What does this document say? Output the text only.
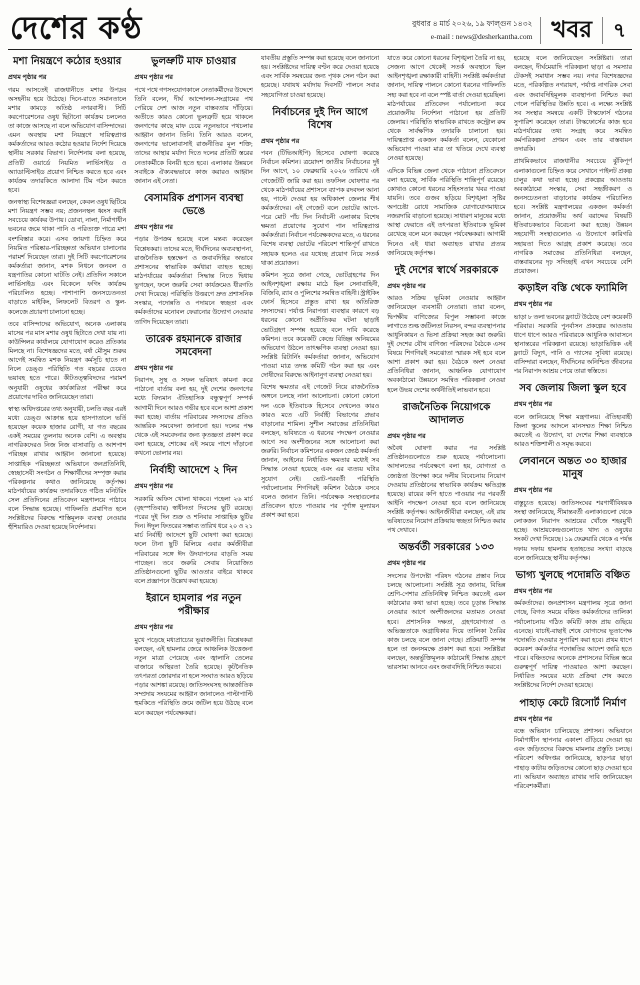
দেশের কণ্ঠ	বুধবার ৪ মার্চ ২০২৬, ১৯ ফাল্গুন ১৪৩২
e-mail : news@desherkantha.com খবর	৭
মশা নিয়ন্ত্রণে কঠোর হওয়ার
প্রথম পৃষ্ঠার পর

গরম আসতেই রাজধানীতে মশার উপদ্রব অসহনীয় হয়ে উঠেছে। দিনে-রাতে সমানতালে মশার কামড়ে অতিষ্ঠ নগরবাসী। সিটি করপোরেশনের ওষুধ ছিটানো কার্যক্রম চললেও তা কাজে আসছে না বলে অভিযোগ বাসিন্দাদের। এমন অবস্থায় মশা নিয়ন্ত্রণে দায়িত্বপ্রাপ্ত কর্মকর্তাদের আরও কঠোর হওয়ার নির্দেশ দিয়েছে স্থানীয় সরকার বিভাগ। নির্দেশনায় বলা হয়েছে, প্রতিটি ওয়ার্ডে নিয়মিত লার্ভিসাইড ও অ্যাডাল্টিসাইড প্রয়োগ নিশ্চিত করতে হবে এবং কার্যক্রম তদারকিতে আলাদা টিম গঠন করতে হবে।

জনস্বাস্থ্য বিশেষজ্ঞরা বলছেন, কেবল ওষুধ ছিটিয়ে মশা নিয়ন্ত্রণ সম্ভব নয়; প্রজননস্থল ধ্বংস করাই সবচেয়ে কার্যকর উপায়। ডোবা, নালা, নির্মাণাধীন ভবনের জমে থাকা পানি ও পরিত্যক্ত পাত্রে মশা বংশবিস্তার করে। এসব জায়গা চিহ্নিত করে নিয়মিত পরিষ্কার-পরিচ্ছন্নতা অভিযান চালানোর পরামর্শ দিয়েছেন তারা। দুই সিটি করপোরেশনের কর্মকর্তারা জানান, মশক নিধনে জনবল ও যন্ত্রপাতির কোনো ঘাটতি নেই। প্রতিদিন সকালে লার্ভিসাইড এবং বিকেলে ফগিং কার্যক্রম পরিচালিত হচ্ছে। পাশাপাশি জনসচেতনতা বাড়াতে মাইকিং, লিফলেট বিতরণ ও স্কুল-কলেজে প্রচারণা চালানো হচ্ছে।

তবে বাসিন্দাদের অভিযোগ, অনেক এলাকায় মাসের পর মাস মশার ওষুধ ছিটাতে দেখা যায় না। কাউন্সিলর কার্যালয়ে যোগাযোগ করেও প্রতিকার মিলছে না। বিশেষজ্ঞদের মতে, বর্ষা মৌসুম শুরুর আগেই সমন্বিত মশক নিয়ন্ত্রণ কর্মসূচি হাতে না নিলে ডেঙ্গু পরিস্থিতি গত বছরের চেয়েও ভয়াবহ হতে পারে। কীটতত্ত্ববিদদের পরামর্শ অনুযায়ী ওষুধের কার্যকারিতা পরীক্ষা করে প্রয়োগের দাবিও জানিয়েছেন তারা।

স্বাস্থ্য অধিদপ্তরের তথ্য অনুযায়ী, চলতি বছর এরই মধ্যে ডেঙ্গু আক্রান্ত হয়ে হাসপাতালে ভর্তি হয়েছেন কয়েক হাজার রোগী, যা গত বছরের একই সময়ের তুলনায় অনেক বেশি। এ অবস্থায় নাগরিকদেরও নিজ নিজ বাসাবাড়ি ও আশপাশ পরিচ্ছন্ন রাখার আহ্বান জানানো হয়েছে। সাপ্তাহিক পরিচ্ছন্নতা অভিযানে জনপ্রতিনিধি, স্বেচ্ছাসেবী সংগঠন ও শিক্ষার্থীদের সম্পৃক্ত করার পরিকল্পনার কথাও জানিয়েছে কর্তৃপক্ষ। মাঠপর্যায়ের কার্যক্রম তদারকিতে গঠিত মনিটরিং সেল প্রতিদিনের প্রতিবেদন মন্ত্রণালয়ে পাঠাবে বলে সিদ্ধান্ত হয়েছে। গাফিলতি প্রমাণিত হলে সংশ্লিষ্টদের বিরুদ্ধে শাস্তিমূলক ব্যবস্থা নেওয়ার হুঁশিয়ারিও দেওয়া হয়েছে নির্দেশনায়।

ভুলভ্রুটি মাফ চাওয়ার
প্রথম পৃষ্ঠার পর

পথে পথে গণসংযোগকালে নেতাকর্মীদের উদ্দেশে তিনি বলেন, দীর্ঘ আন্দোলন-সংগ্রামের পথ পেরিয়ে দেশ আজ নতুন বাস্তবতায় দাঁড়িয়ে। অতীতে কারও কোনো ভুলত্রুটি হয়ে থাকলে জনগণের কাছে মাফ চেয়ে নতুনভাবে পথচলার আহ্বান জানান তিনি। তিনি আরও বলেন, জনগণের ভালোবাসাই রাজনীতির মূল শক্তি; তাদের আস্থার মর্যাদা দিতে দলের প্রতিটি স্তরের নেতাকর্মীকে বিনয়ী হতে হবে। এলাকার উন্নয়নে সবাইকে ঐক্যবদ্ধভাবে কাজ করারও আহ্বান জানান এই নেতা।

বেসামরিক প্রশাসন ব্যবস্থা ভেঙে
প্রথম পৃষ্ঠার পর

পড়ার উপক্রম হয়েছে বলে মন্তব্য করেছেন বিশ্লেষকরা। তাদের মতে, দীর্ঘদিনের অব্যবস্থাপনা, রাজনৈতিক হস্তক্ষেপ ও জবাবদিহির অভাবে প্রশাসনের স্বাভাবিক কর্মধারা ব্যাহত হচ্ছে। মাঠপর্যায়ের কর্মকর্তারা সিদ্ধান্ত নিতে দ্বিধায় ভুগছেন, ফলে জরুরি সেবা কার্যক্রমেও ধীরগতি দেখা দিয়েছে। পরিস্থিতি উত্তরণে দ্রুত প্রশাসনিক সংস্কার, পদোন্নতি ও পদায়নে স্বচ্ছতা এবং কর্মকর্তাদের মনোবল ফেরানোর উদ্যোগ নেওয়ার তাগিদ দিয়েছেন তারা।

তারেক রহমানকে রাজার সমবেদনা
প্রথম পৃষ্ঠার পর

নিরাপদ, সুস্থ ও সফল ভবিষ্যৎ কামনা করে পাঠানো বার্তায় বলা হয়, দুই দেশের জনগণের মধ্যে বিদ্যমান ঐতিহাসিক বন্ধুত্বপূর্ণ সম্পর্ক আগামী দিনে আরও গভীর হবে বলে আশা প্রকাশ করা হচ্ছে। বার্তায় পরিবারের সদস্যদের প্রতিও আন্তরিক সমবেদনা জানানো হয়। দলের পক্ষ থেকে এই সমবেদনার জন্য কৃতজ্ঞতা প্রকাশ করে বলা হয়েছে, শোকের এই সময়ে পাশে দাঁড়ানো কখনো ভোলার নয়।

নির্বাহী আদেশে ২ দিন
প্রথম পৃষ্ঠার পর

সরকারি অফিস খোলা থাকবে। পহেলা ২৬ মার্চ (বৃহস্পতিবার) স্বাধীনতা দিবসের ছুটি রয়েছে। পরের দুই দিন শুক্র ও শনিবার সাপ্তাহিক ছুটির দিন। ঈদুল ফিতরের সম্ভাব্য তারিখ ধরে ২০ ও ২১ মার্চ নির্বাহী আদেশে ছুটি ঘোষণা করা হয়েছে। ফলে টানা ছুটি মিলিয়ে এবার কর্মজীবীরা পরিবারের সঙ্গে ঈদ উদযাপনের বাড়তি সময় পাচ্ছেন। তবে জরুরি সেবায় নিয়োজিত প্রতিষ্ঠানগুলো ছুটির আওতার বাইরে থাকবে বলে প্রজ্ঞাপনে উল্লেখ করা হয়েছে।

ইরানে হামলার পর নতুন পরীক্ষার
প্রথম পৃষ্ঠার পর

মুখে পড়েছে মধ্যপ্রাচ্যের ভূরাজনীতি। বিশ্লেষকরা বলছেন, এই হামলার জেরে আঞ্চলিক উত্তেজনা নতুন মাত্রা পেয়েছে এবং জ্বালানি তেলের বাজারে অস্থিরতা তৈরি হয়েছে। কূটনৈতিক তৎপরতা জোরদার না হলে সংঘাত আরও ছড়িয়ে পড়ার আশঙ্কা রয়েছে। জাতিসংঘসহ আন্তর্জাতিক সম্প্রদায় সংযমের আহ্বান জানালেও পাল্টাপাল্টি হুমকিতে পরিস্থিতি ক্রমে জটিল হয়ে উঠছে বলে মনে করছেন পর্যবেক্ষকরা।

যাবতীয় প্রস্তুতি সম্পন্ন করা হয়েছে বলে জানানো হয়। সংশ্লিষ্টদের দায়িত্ব বণ্টন করে দেওয়া হয়েছে এবং সার্বিক সমন্বয়ের জন্য পৃথক সেল গঠন করা হয়েছে। যথাযথ মর্যাদায় দিবসটি পালনে সবার সহযোগিতা চাওয়া হয়েছে।

নির্বাচনের দুই দিন আগে বিশেষ
প্রথম পৃষ্ঠার পর

পবন (টিভিআইপি) হিসেবে ঘোষণা করেছে নির্বাচন কমিশন। ত্রয়োদশ জাতীয় নির্বাচনের দুই দিন আগে, ১০ ফেব্রুয়ারি ২০২৬ তারিখে এই গেজেটটি জারি করা হয়। তফসিল ঘোষণার পর থেকে মাঠপর্যায়ের প্রশাসনে ব্যাপক রদবদল আনা হয়, পাল্টে দেওয়া হয় অধিকাংশ জেলার শীর্ষ কর্মকর্তাদের। এই গেজেট বলে ভোটের আগে-পরে মোট পাঁচ দিন নির্বাচনী এলাকায় বিশেষ ক্ষমতা প্রয়োগের সুযোগ পান দায়িত্বপ্রাপ্ত কর্মকর্তারা। নির্বাচন পর্যবেক্ষকদের মতে, এ ধরনের বিশেষ ব্যবস্থা ভোটের পরিবেশ শান্তিপূর্ণ রাখতে সহায়ক হলেও এর যথেচ্ছ প্রয়োগ নিয়ে সতর্ক থাকা প্রয়োজন।

কমিশন সূত্রে জানা গেছে, ভোটগ্রহণের দিন আইনশৃঙ্খলা রক্ষায় মাঠে ছিল সেনাবাহিনী, বিজিবি, র‌্যাব ও পুলিশের সমন্বিত বাহিনী। স্ট্রাইকিং ফোর্স হিসেবে প্রস্তুত রাখা হয় অতিরিক্ত সদস্যদের। পর্যাপ্ত নিরাপত্তা ব্যবস্থার কারণে বড় ধরনের কোনো অপ্রীতিকর ঘটনা ছাড়াই ভোটগ্রহণ সম্পন্ন হয়েছে বলে দাবি করেছে কমিশন। তবে কয়েকটি কেন্দ্রে বিচ্ছিন্ন অনিয়মের অভিযোগ উঠলে তাৎক্ষণিক ব্যবস্থা নেওয়া হয়। সংশ্লিষ্ট রিটার্নিং কর্মকর্তারা জানান, অভিযোগ পাওয়া মাত্র তদন্ত কমিটি গঠন করা হয় এবং দোষীদের বিরুদ্ধে আইনানুগ ব্যবস্থা নেওয়া হয়।

বিশেষ ক্ষমতার এই গেজেট নিয়ে রাজনৈতিক অঙ্গনে চলছে নানা আলোচনা। কোনো কোনো দল একে ইতিবাচক হিসেবে দেখলেও কারও কারও মতে এটি নির্বাহী বিভাগের প্রভাব বাড়ানোর শামিল। সুশীল সমাজের প্রতিনিধিরা বলছেন, ভবিষ্যতে এ ধরনের পদক্ষেপ নেওয়ার আগে সব অংশীজনের সঙ্গে আলোচনা করা জরুরি। নির্বাচন কমিশনের একজন জ্যেষ্ঠ কর্মকর্তা জানান, আইনের নির্ধারিত ক্ষমতার মধ্যেই সব সিদ্ধান্ত নেওয়া হয়েছে এবং এর ব্যত্যয় ঘটার সুযোগ নেই। ভোট-পরবর্তী পরিস্থিতি পর্যালোচনায় শিগগিরই কমিশন বৈঠকে বসবে বলেও জানান তিনি। পর্যবেক্ষক সংস্থাগুলোর প্রতিবেদন হাতে পাওয়ার পর পূর্ণাঙ্গ মূল্যায়ন প্রকাশ করা হবে।

যাতে করে কোনো ধরনের বিশৃঙ্খলা তৈরি না হয়, সেজন্য আগে থেকেই সতর্ক অবস্থানে ছিল আইনশৃঙ্খলা রক্ষাকারী বাহিনী। সংশ্লিষ্ট কর্মকর্তারা জানান, দায়িত্ব পালনে কোনো ধরনের গাফিলতি সহ্য করা হবে না বলে স্পষ্ট বার্তা দেওয়া হয়েছিল। মাঠপর্যায়ের প্রতিবেদন পর্যালোচনা করে প্রয়োজনীয় নির্দেশনা পাঠানো হয় প্রতিটি জেলায়। পরিস্থিতি স্বাভাবিক রাখতে কন্ট্রোল রুম থেকে সার্বক্ষণিক তদারকি চালানো হয়। দায়িত্বপ্রাপ্ত একজন কর্মকর্তা বলেন, যেকোনো অভিযোগ পাওয়া মাত্র তা খতিয়ে দেখে ব্যবস্থা নেওয়া হয়েছে।

এদিকে বিভিন্ন জেলা থেকে পাঠানো প্রতিবেদনে বলা হয়েছে, সার্বিক পরিস্থিতি শান্তিপূর্ণ রয়েছে। কোথাও কোনো ধরনের সহিংসতার খবর পাওয়া যায়নি। তবে গুজব ছড়িয়ে বিশৃঙ্খলা সৃষ্টির অপচেষ্টা রোধে সামাজিক যোগাযোগমাধ্যমে নজরদারি বাড়ানো হয়েছে। সাধারণ মানুষের মধ্যে আস্থা ফেরাতে এই তৎপরতা ইতিবাচক ভূমিকা রেখেছে বলে মনে করছেন পর্যবেক্ষকরা। আগামী দিনেও এই ধারা অব্যাহত রাখার প্রত্যয় জানিয়েছে কর্তৃপক্ষ।

দুই দেশের স্বার্থে সরকারকে
প্রথম পৃষ্ঠার পর

আরও সক্রিয় ভূমিকা নেওয়ার আহ্বান জানিয়েছেন ব্যবসায়ী নেতারা। তারা বলেন, দ্বিপক্ষীয় বাণিজ্যের বিপুল সম্ভাবনা কাজে লাগাতে শুল্ক জটিলতা নিরসন, বন্দর ব্যবস্থাপনার আধুনিকায়ন ও ভিসা প্রক্রিয়া সহজ করা জরুরি। দুই দেশের যৌথ বাণিজ্য পরিষদের বৈঠকে এসব বিষয়ে শিগগিরই সমঝোতা স্মারক সই হবে বলে আশা প্রকাশ করা হয়। বৈঠকে অংশ নেওয়া প্রতিনিধিরা জানান, আঞ্চলিক যোগাযোগ অবকাঠামো উন্নয়নে সমন্বিত পরিকল্পনা নেওয়া হলে উভয় দেশের অর্থনীতিই লাভবান হবে।

রাজনৈতিক নিয়োগকে আদালত
প্রথম পৃষ্ঠার পর

অবৈধ ঘোষণা করার পর সংশ্লিষ্ট প্রতিষ্ঠানগুলোতে শুরু হয়েছে পর্যালোচনা। আদালতের পর্যবেক্ষণে বলা হয়, যোগ্যতা ও জ্যেষ্ঠতা উপেক্ষা করে দলীয় বিবেচনায় নিয়োগ দেওয়ায় প্রতিষ্ঠানের স্বাভাবিক কার্যক্রম ক্ষতিগ্রস্ত হয়েছে। রায়ের কপি হাতে পাওয়ার পর পরবর্তী আইনি পদক্ষেপ নেওয়া হবে বলে জানিয়েছে সংশ্লিষ্ট কর্তৃপক্ষ। আইনজীবীরা বলছেন, এই রায় ভবিষ্যতের নিয়োগ প্রক্রিয়ায় স্বচ্ছতা নিশ্চিত করার পথ দেখাবে।

অন্তর্বর্তী সরকারের ১৩৩
প্রথম পৃষ্ঠার পর

সদস্যের উপদেষ্টা পরিষদ গঠনের প্রস্তাব নিয়ে চলছে আলোচনা। সংশ্লিষ্ট সূত্র জানায়, বিভিন্ন শ্রেণি-পেশার প্রতিনিধিত্ব নিশ্চিত করতেই এমন কাঠামোর কথা ভাবা হচ্ছে। তবে চূড়ান্ত সিদ্ধান্ত নেওয়ার আগে অংশীজনদের মতামত নেওয়া হবে। প্রশাসনিক দক্ষতা, গ্রহণযোগ্যতা ও অভিজ্ঞতাকে অগ্রাধিকার দিয়ে তালিকা তৈরির কাজ চলছে বলে জানা গেছে। প্রক্রিয়াটি সম্পন্ন হলে তা জনসমক্ষে প্রকাশ করা হবে। সংশ্লিষ্টরা বলছেন, অন্তর্ভুক্তিমূলক কাঠামোই সিদ্ধান্ত গ্রহণে ভারসাম্য আনবে এবং জবাবদিহি নিশ্চিত করবে।

হয়েছে বলে জানিয়েছেন সংশ্লিষ্টরা। তারা বলছেন, দীর্ঘমেয়াদি পরিকল্পনা ছাড়া এ সমস্যার টেকসই সমাধান সম্ভব নয়। নগর বিশেষজ্ঞদের মতে, পরিকল্পিত নগরায়ণ, পর্যাপ্ত নাগরিক সেবা এবং জবাবদিহিমূলক ব্যবস্থাপনা নিশ্চিত করা গেলে পরিস্থিতির উন্নতি হবে। এ লক্ষ্যে সংশ্লিষ্ট সব সংস্থার সমন্বয়ে একটি টাস্কফোর্স গঠনের সুপারিশ করেছেন তারা। টাস্কফোর্সের কাজ হবে মাঠপর্যায়ের তথ্য সংগ্রহ করে সমন্বিত কর্মপরিকল্পনা প্রণয়ন এবং তার বাস্তবায়ন তদারকি।

প্রাথমিকভাবে রাজধানীর সবচেয়ে ঝুঁকিপূর্ণ এলাকাগুলো চিহ্নিত করে সেখানে পাইলট প্রকল্প চালুর কথা ভাবা হচ্ছে। প্রকল্পের আওতায় অবকাঠামো সংস্কার, সেবা সহজীকরণ ও জনসচেতনতা বাড়ানোর কার্যক্রম পরিচালিত হবে। সংশ্লিষ্ট মন্ত্রণালয়ের একজন কর্মকর্তা জানান, প্রয়োজনীয় অর্থ বরাদ্দের বিষয়টি ইতিবাচকভাবে বিবেচনা করা হচ্ছে। উন্নয়ন সহযোগী সংস্থাগুলোও এ উদ্যোগে কারিগরি সহায়তা দিতে আগ্রহ প্রকাশ করেছে। তবে নাগরিক সমাজের প্রতিনিধিরা বলছেন, বাস্তবায়নের দৃঢ় সদিচ্ছাই এখন সবচেয়ে বেশি প্রয়োজন।

কড়াইল বস্তি থেকে ফ্যামিলি
প্রথম পৃষ্ঠার পর

ভাড়া ৮ তলা ভবনের ফ্ল্যাটে উঠেছে বেশ কয়েকটি পরিবার। সরকারি পুনর্বাসন প্রকল্পের আওতায় ধাপে ধাপে আরও পরিবারকে আধুনিক আবাসনে স্থানান্তরের পরিকল্পনা রয়েছে। ভাড়াভিত্তিক এই ফ্ল্যাটে বিদ্যুৎ, পানি ও গ্যাসের সুবিধা রয়েছে। বাসিন্দারা বলছেন, দীর্ঘদিনের অনিশ্চিত জীবনের পর নিরাপদ আশ্রয় পেয়ে তারা স্বস্তিতে।

সব জেলায় জিলা স্কুল হবে
প্রথম পৃষ্ঠার পর

বলে জানিয়েছে শিক্ষা মন্ত্রণালয়। ঐতিহ্যবাহী জিলা স্কুলের আদলে মানসম্মত শিক্ষা নিশ্চিত করতেই এ উদ্যোগ, যা দেশের শিক্ষা ব্যবস্থাকে আরও শক্তিশালী ও সমৃদ্ধ করবে।

লেবাননে অন্তত ৩০ হাজার মানুষ
প্রথম পৃষ্ঠার পর

বাস্তুচ্যুত হয়েছে। জাতিসংঘের শরণার্থীবিষয়ক সংস্থা জানিয়েছে, সীমান্তবর্তী এলাকাগুলো থেকে লোকজন নিরাপদ আশ্রয়ের খোঁজে শহরমুখী হচ্ছে। আশ্রয়কেন্দ্রগুলোতে খাদ্য ও ওষুধের সংকট দেখা দিয়েছে। ১৯ ফেব্রুয়ারি থেকে এ পর্যন্ত দফায় দফায় হামলায় হতাহতের সংখ্যা বাড়ছে বলে জানিয়েছে স্থানীয় কর্তৃপক্ষ।

ভাগ্য খুলছে পদোন্নতি বঞ্চিত
প্রথম পৃষ্ঠার পর

কর্মকর্তাদের। জনপ্রশাসন মন্ত্রণালয় সূত্রে জানা গেছে, বিগত সময়ে বঞ্চিত কর্মকর্তাদের তালিকা পর্যালোচনায় গঠিত কমিটি কাজ প্রায় গুছিয়ে এনেছে। যাচাই-বাছাই শেষে যোগ্যদের ভূতাপেক্ষ পদোন্নতি দেওয়ার সুপারিশ করা হবে। প্রথম ধাপে কয়েকশ কর্মকর্তার পদোন্নতির আদেশ জারি হতে পারে। বঞ্চিতদের অনেকে প্রশাসনের বিভিন্ন স্তরে গুরুত্বপূর্ণ দায়িত্ব পাওয়ারও আশা করছেন। নির্ধারিত সময়ের মধ্যে প্রক্রিয়া শেষ করতে সংশ্লিষ্টদের নির্দেশ দেওয়া হয়েছে।

পাহাড় কেটে রিসোর্ট নির্মাণ
প্রথম পৃষ্ঠার পর

বন্ধে অভিযান চালিয়েছে প্রশাসন। অভিযানে নির্মাণাধীন স্থাপনার একাংশ গুঁড়িয়ে দেওয়া হয় এবং জড়িতদের বিরুদ্ধে মামলার প্রস্তুতি চলছে। পরিবেশ অধিদপ্তর জানিয়েছে, ছাড়পত্র ছাড়া পাহাড় কাটায় জড়িতদের কোনো ছাড় দেওয়া হবে না। অভিযান অব্যাহত রাখার দাবি জানিয়েছেন পরিবেশকর্মীরা।
